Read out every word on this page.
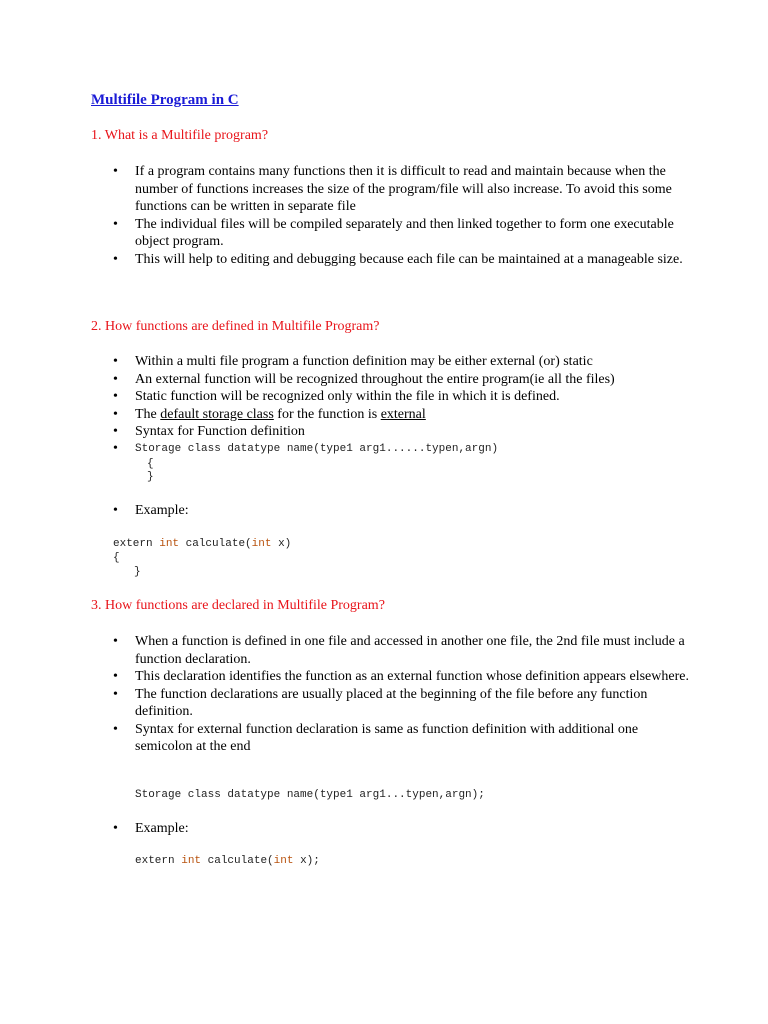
Multifile Program in C
1. What is a Multifile program?
• If a program contains many functions then it is difficult to read and maintain because when the number of functions increases the size of the program/file will also increase. To avoid this some functions can be written in separate file
• The individual files will be compiled separately and then linked together to form one executable object program.
• This will help to editing and debugging because each file can be maintained at a manageable size.
2. How functions are defined in Multifile Program?
• Within a multi file program a function definition may be either external (or) static
• An external function will be recognized throughout the entire program(ie all the files)
• Static function will be recognized only within the file in which it is defined.
• The default storage class for the function is external
• Syntax for Function definition
• Storage class datatype name(type1 arg1......typen,argn)
{
}
• Example:
extern int calculate(int x)
{
}
3. How functions are declared in Multifile Program?
• When a function is defined in one file and accessed in another one file, the 2nd file must include a function declaration.
• This declaration identifies the function as an external function whose definition appears elsewhere.
• The function declarations are usually placed at the beginning of the file before any function definition.
• Syntax for external function declaration is same as function definition with additional one semicolon at the end
Storage class datatype name(type1 arg1...typen,argn);
• Example:
extern int calculate(int x);
